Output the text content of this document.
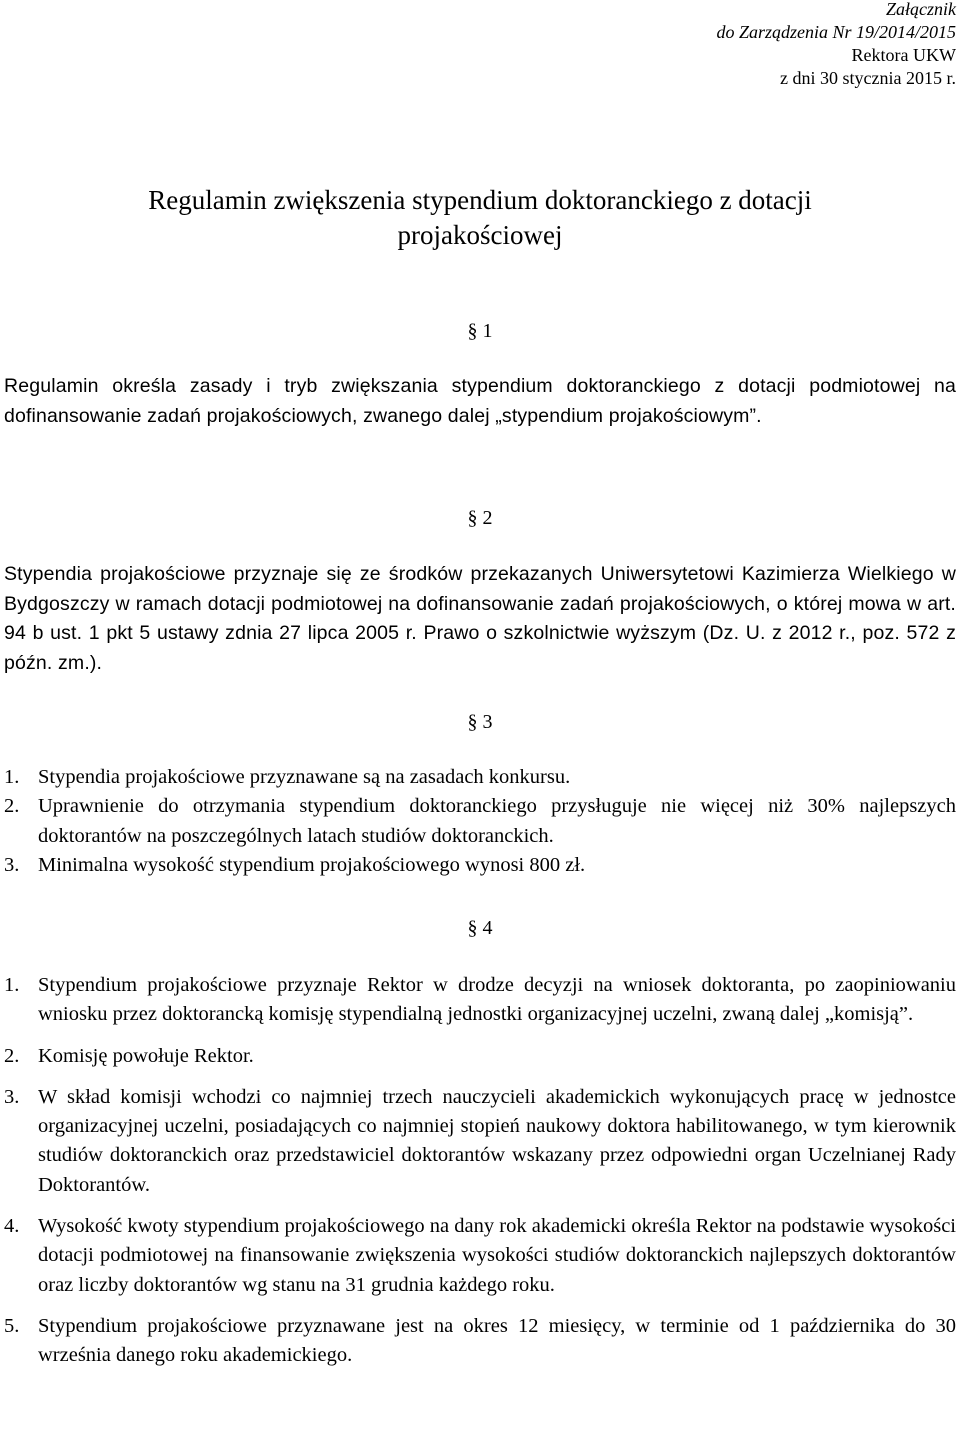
Załącznik
do Zarządzenia Nr 19/2014/2015
Rektora UKW
z dni 30 stycznia 2015 r.
Regulamin zwiększenia stypendium doktoranckiego z dotacji
projakościowej
§ 1
Regulamin określa zasady i tryb zwiększania stypendium doktoranckiego z dotacji podmiotowej na dofinansowanie zadań projakościowych, zwanego dalej „stypendium projakościowym”.
§ 2
Stypendia projakościowe przyznaje się ze środków przekazanych Uniwersytetowi Kazimierza Wielkiego w Bydgoszczy w ramach dotacji podmiotowej na dofinansowanie zadań projakościowych, o której mowa w art. 94 b ust. 1 pkt 5 ustawy zdnia 27 lipca 2005 r. Prawo o szkolnictwie wyższym (Dz. U. z 2012 r., poz. 572 z późn. zm.).
§ 3
1. Stypendia projakościowe przyznawane są na zasadach konkursu.
2. Uprawnienie do otrzymania stypendium doktoranckiego przysługuje nie więcej niż 30% najlepszych doktorantów na poszczególnych latach studiów doktoranckich.
3. Minimalna wysokość stypendium projakościowego wynosi 800 zł.
§ 4
1. Stypendium projakościowe przyznaje Rektor w drodze decyzji na wniosek doktoranta, po zaopiniowaniu wniosku przez doktorancką komisję stypendialną jednostki organizacyjnej uczelni, zwaną dalej „komisją”.
2. Komisję powołuje Rektor.
3. W skład komisji wchodzi co najmniej trzech nauczycieli akademickich wykonujących pracę w jednostce organizacyjnej uczelni, posiadających co najmniej stopień naukowy doktora habilitowanego, w tym kierownik studiów doktoranckich oraz przedstawiciel doktorantów wskazany przez odpowiedni organ Uczelnianej Rady Doktorantów.
4. Wysokość kwoty stypendium projakościowego na dany rok akademicki określa Rektor na podstawie wysokości dotacji podmiotowej na finansowanie zwiększenia wysokości studiów doktoranckich najlepszych doktorantów oraz liczby doktorantów wg stanu na 31 grudnia każdego roku.
5. Stypendium projakościowe przyznawane jest na okres 12 miesięcy, w terminie od 1 października do 30 września danego roku akademickiego.
